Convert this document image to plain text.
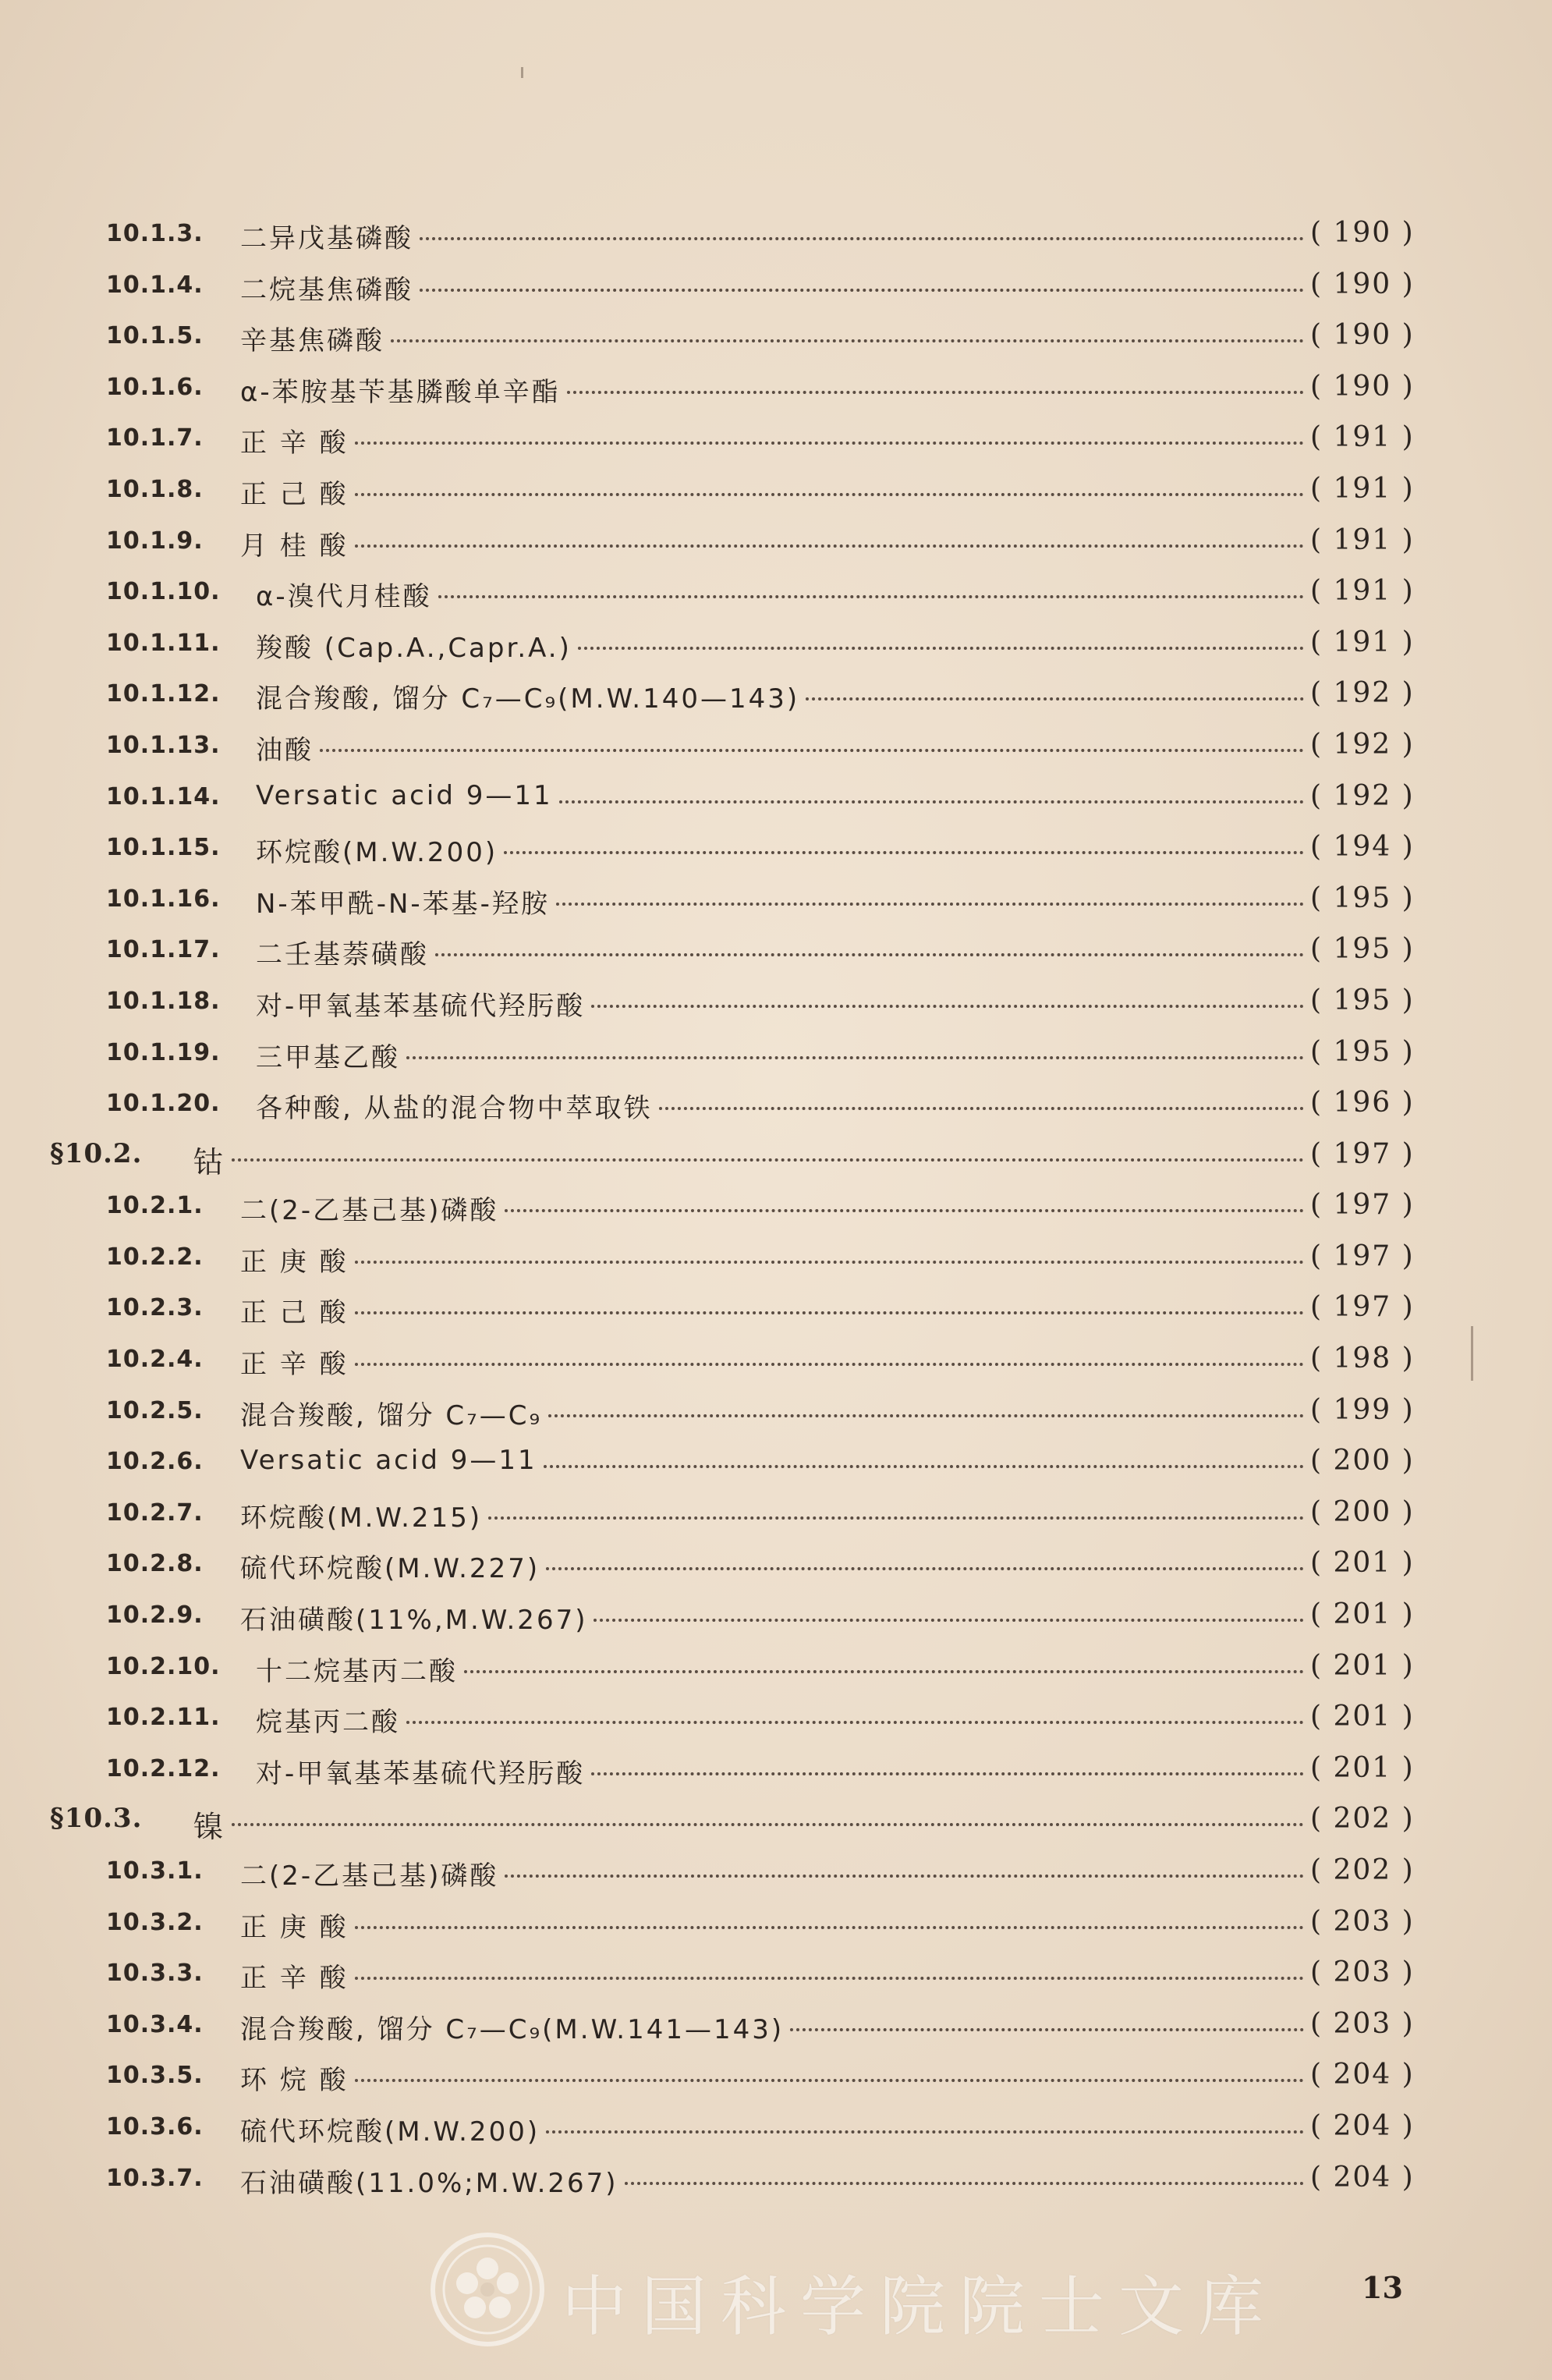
10.1.3. 二异戊基磷酸	( 190 )
10.1.4. 二烷基焦磷酸	( 190 )
10.1.5. 辛基焦磷酸	( 190 )
10.1.6. α-苯胺基苄基膦酸单辛酯	( 190 )
10.1.7. 正 辛 酸	( 191 )
10.1.8. 正 己 酸	( 191 )
10.1.9. 月 桂 酸	( 191 )
10.1.10. α-溴代月桂酸	( 191 )
10.1.11. 羧酸 (Cap.A.,Capr.A.)	( 191 )
10.1.12. 混合羧酸, 馏分 C₇—C₉(M.W.140—143)	( 192 )
10.1.13. 油酸	( 192 )
10.1.14. Versatic acid 9—11	( 192 )
10.1.15. 环烷酸(M.W.200)	( 194 )
10.1.16. N-苯甲酰-N-苯基-羟胺	( 195 )
10.1.17. 二壬基萘磺酸	( 195 )
10.1.18. 对-甲氧基苯基硫代羟肟酸	( 195 )
10.1.19. 三甲基乙酸	( 195 )
10.1.20. 各种酸, 从盐的混合物中萃取铁	( 196 )
§10.2. 钴	( 197 )
10.2.1. 二(2-乙基己基)磷酸	( 197 )
10.2.2. 正 庚 酸	( 197 )
10.2.3. 正 己 酸	( 197 )
10.2.4. 正 辛 酸	( 198 )
10.2.5. 混合羧酸, 馏分 C₇—C₉	( 199 )
10.2.6. Versatic acid 9—11	( 200 )
10.2.7. 环烷酸(M.W.215)	( 200 )
10.2.8. 硫代环烷酸(M.W.227)	( 201 )
10.2.9. 石油磺酸(11%,M.W.267)	( 201 )
10.2.10. 十二烷基丙二酸	( 201 )
10.2.11. 烷基丙二酸	( 201 )
10.2.12. 对-甲氧基苯基硫代羟肟酸	( 201 )
§10.3. 镍	( 202 )
10.3.1. 二(2-乙基己基)磷酸	( 202 )
10.3.2. 正 庚 酸	( 203 )
10.3.3. 正 辛 酸	( 203 )
10.3.4. 混合羧酸, 馏分 C₇—C₉(M.W.141—143)	( 203 )
10.3.5. 环 烷 酸	( 204 )
10.3.6. 硫代环烷酸(M.W.200)	( 204 )
10.3.7. 石油磺酸(11.0%;M.W.267)	( 204 )
13
中国科学院院士文库
